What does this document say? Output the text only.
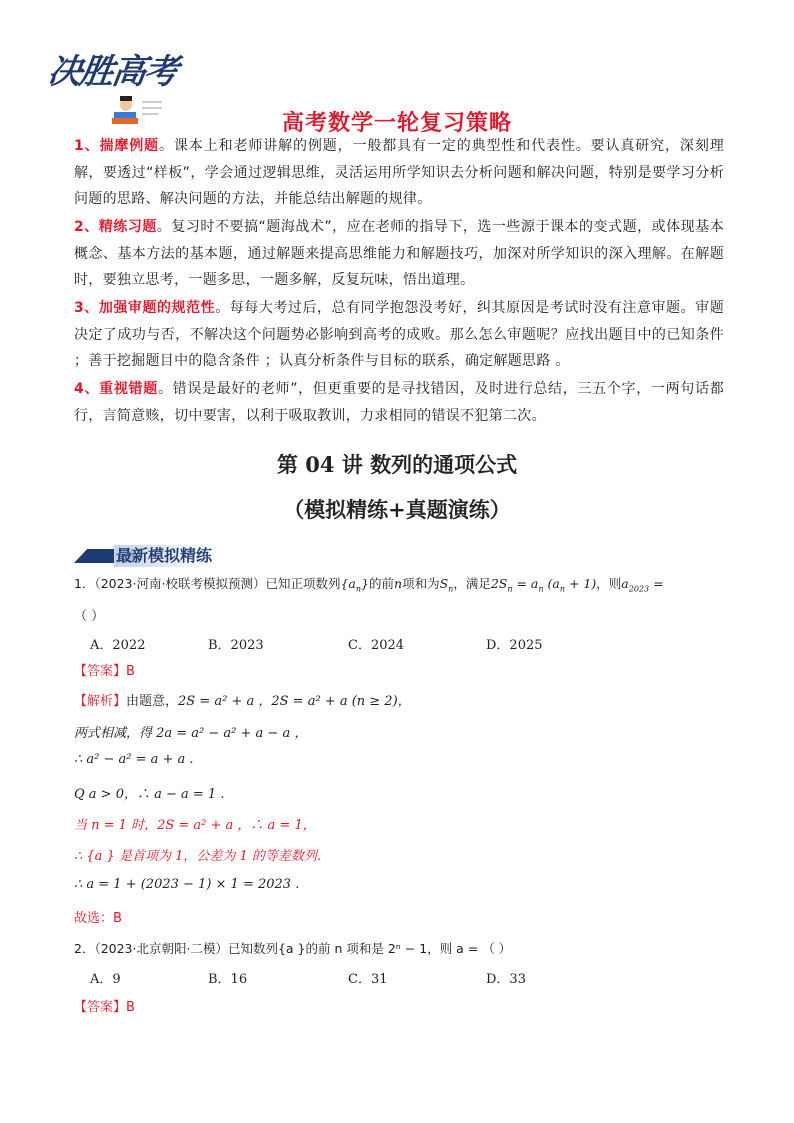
决胜高考
高考数学一轮复习策略
1、揣摩例题。课本上和老师讲解的例题，一般都具有一定的典型性和代表性。要认真研究，深刻理解，要透过“样板”，学会通过逻辑思维，灵活运用所学知识去分析问题和解决问题，特别是要学习分析问题的思路、解决问题的方法，并能总结出解题的规律。
2、精练习题。复习时不要搞“题海战术”，应在老师的指导下，选一些源于课本的变式题，或体现基本概念、基本方法的基本题，通过解题来提高思维能力和解题技巧，加深对所学知识的深入理解。在解题时，要独立思考，一题多思，一题多解，反复玩味，悟出道理。
3、加强审题的规范性。每每大考过后，总有同学抱怨没考好，纠其原因是考试时没有注意审题。审题决定了成功与否，不解决这个问题势必影响到高考的成败。那么怎么审题呢？应找出题目中的已知条件 ；善于挖掘题目中的隐含条件 ；认真分析条件与目标的联系，确定解题思路 。
4、重视错题。错误是最好的老师”，但更重要的是寻找错因，及时进行总结，三五个字，一两句话都行，言简意赅，切中要害，以利于吸取教训，力求相同的错误不犯第二次。
第 04 讲 数列的通项公式
（模拟精练+真题演练）
最新模拟精练
1．（2023·河南·校联考模拟预测）已知正项数列$\{a_n\}$的前n项和为$S_n$，满足$2S_n = a_n$ $(a_n + 1)$，则$a_{2023}$ =
（ ）
A．2022	B．2023	C．2024	D．2025
【答案】B
【解析】由题意，2S = a² + a ，2S = a² + a (n ≥ 2)，
两式相减，得 2a = a² − a² + a − a ，
∴ a² − a² = a + a .
Q a > 0，∴ a − a = 1 .
当 n = 1 时，2S = a² + a ，∴ a = 1，
∴ {a } 是首项为 1，公差为 1 的等差数列.
∴ a = 1 + (2023 − 1) × 1 = 2023 .
故选：B
2．（2023·北京朝阳·二模）已知数列{a }的前 n 项和是 2ⁿ − 1，则 a = （ ）
A．9	B．16	C．31	D．33
【答案】B
